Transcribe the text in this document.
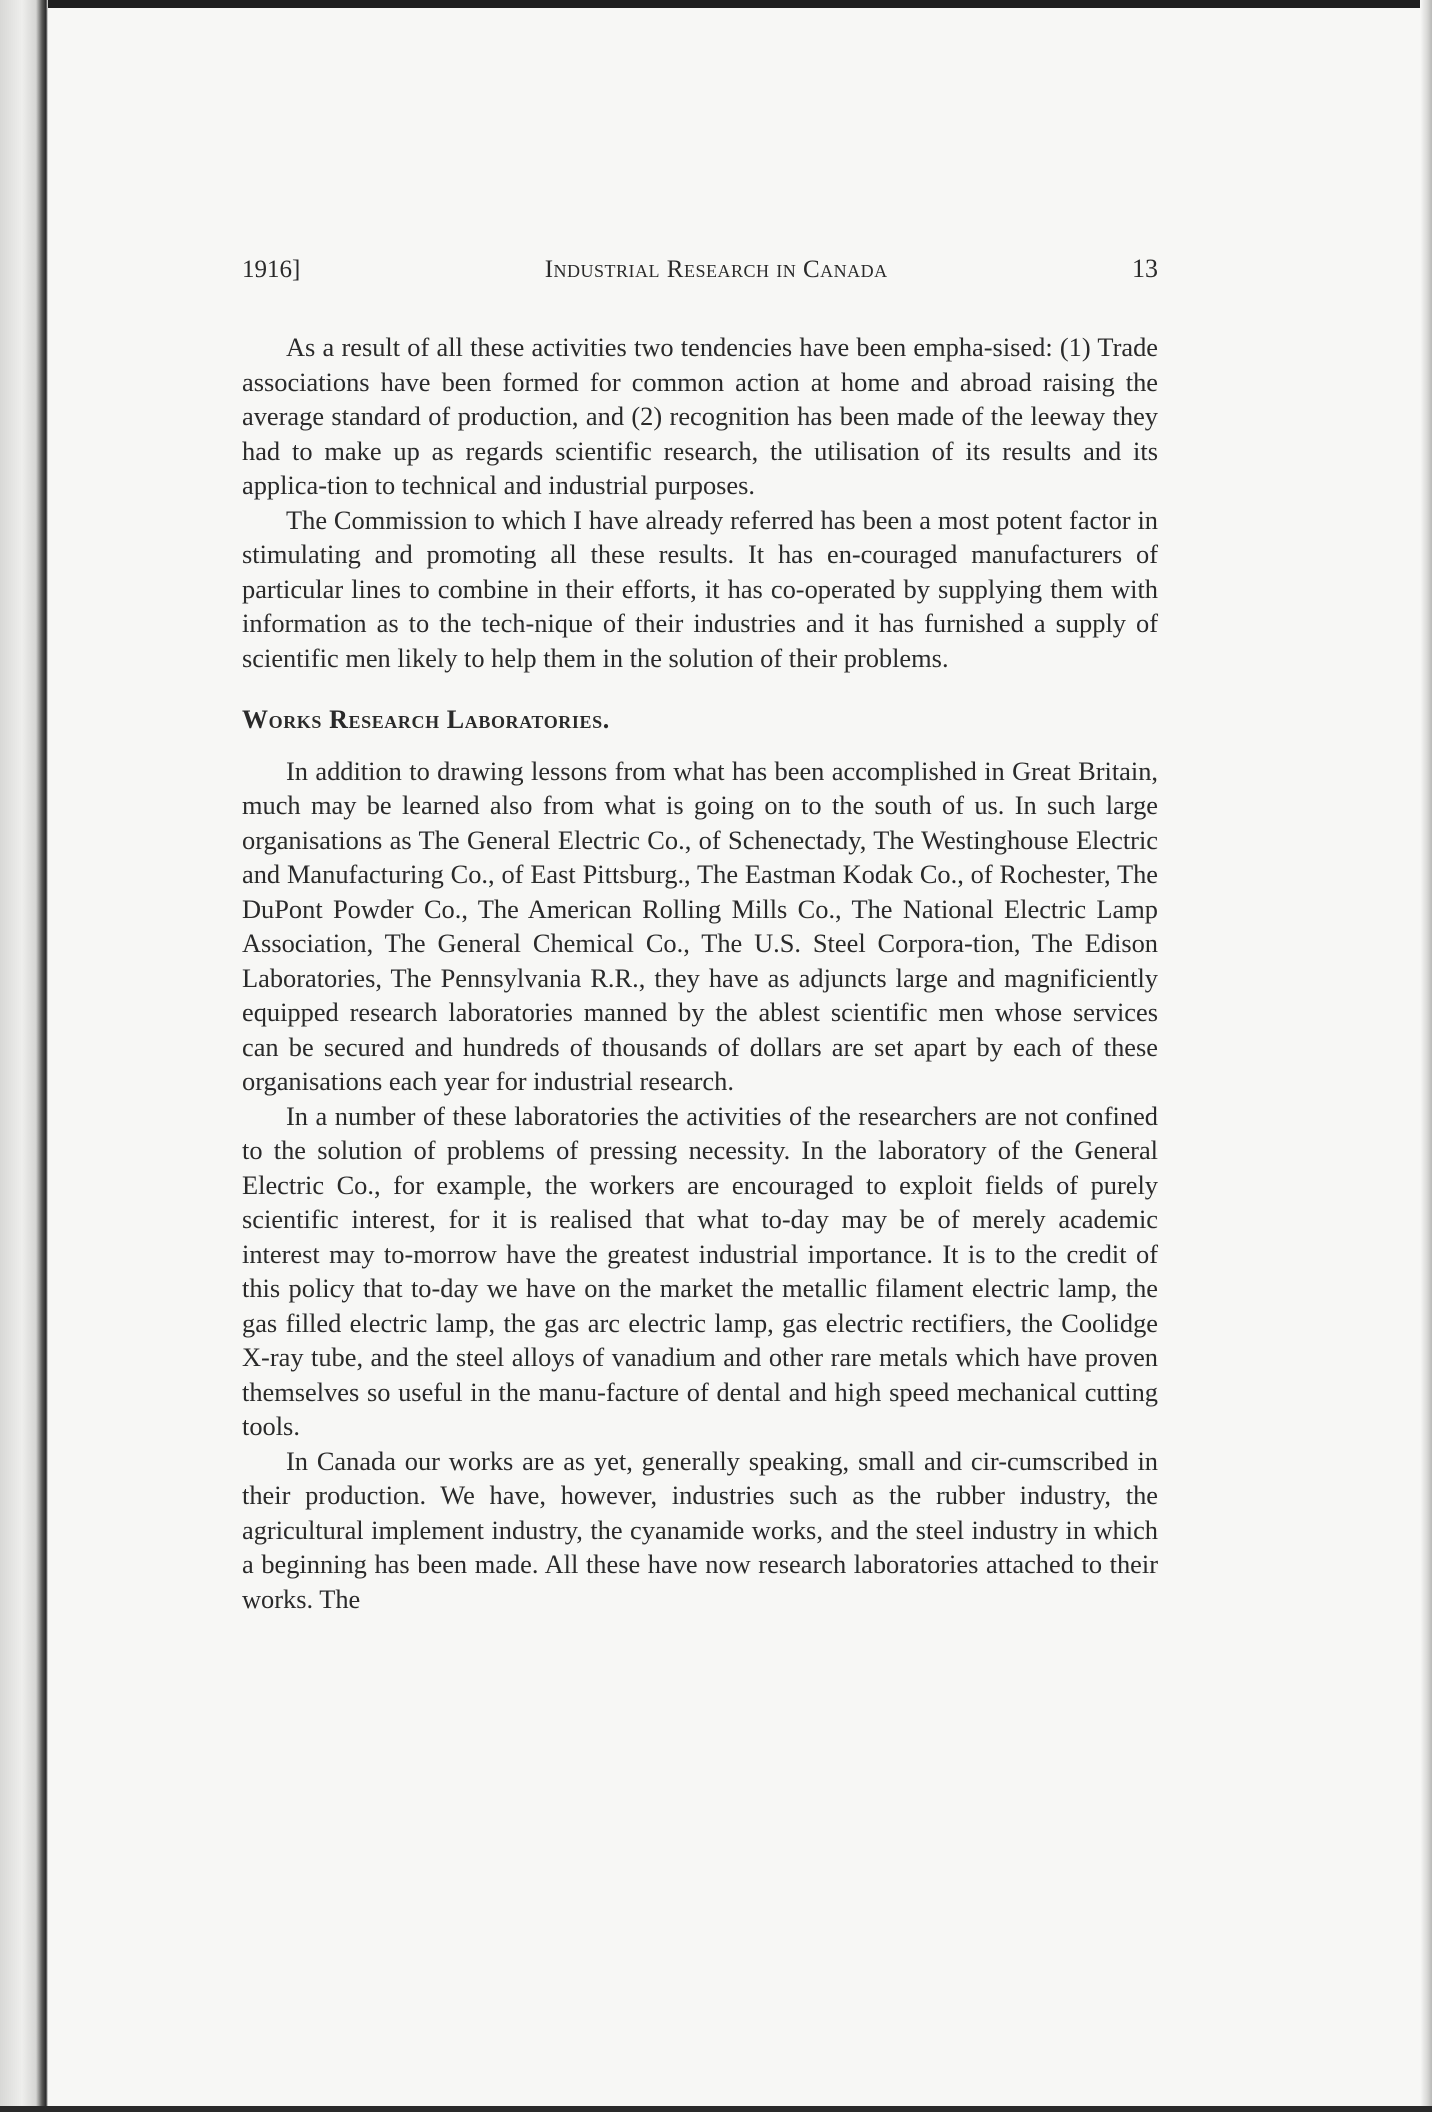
1916]	Industrial Research in Canada	13

As a result of all these activities two tendencies have been empha-sised: (1) Trade associations have been formed for common action at home and abroad raising the average standard of production, and (2) recognition has been made of the leeway they had to make up as regards scientific research, the utilisation of its results and its applica-tion to technical and industrial purposes.

The Commission to which I have already referred has been a most potent factor in stimulating and promoting all these results. It has en-couraged manufacturers of particular lines to combine in their efforts, it has co-operated by supplying them with information as to the tech-nique of their industries and it has furnished a supply of scientific men likely to help them in the solution of their problems.

Works Research Laboratories.

In addition to drawing lessons from what has been accomplished in Great Britain, much may be learned also from what is going on to the south of us. In such large organisations as The General Electric Co., of Schenectady, The Westinghouse Electric and Manufacturing Co., of East Pittsburg., The Eastman Kodak Co., of Rochester, The DuPont Powder Co., The American Rolling Mills Co., The National Electric Lamp Association, The General Chemical Co., The U.S. Steel Corpora-tion, The Edison Laboratories, The Pennsylvania R.R., they have as adjuncts large and magnificiently equipped research laboratories manned by the ablest scientific men whose services can be secured and hundreds of thousands of dollars are set apart by each of these organisations each year for industrial research.

In a number of these laboratories the activities of the researchers are not confined to the solution of problems of pressing necessity. In the laboratory of the General Electric Co., for example, the workers are encouraged to exploit fields of purely scientific interest, for it is realised that what to-day may be of merely academic interest may to-morrow have the greatest industrial importance. It is to the credit of this policy that to-day we have on the market the metallic filament electric lamp, the gas filled electric lamp, the gas arc electric lamp, gas electric rectifiers, the Coolidge X-ray tube, and the steel alloys of vanadium and other rare metals which have proven themselves so useful in the manu-facture of dental and high speed mechanical cutting tools.

In Canada our works are as yet, generally speaking, small and cir-cumscribed in their production. We have, however, industries such as the rubber industry, the agricultural implement industry, the cyanamide works, and the steel industry in which a beginning has been made. All these have now research laboratories attached to their works. The
